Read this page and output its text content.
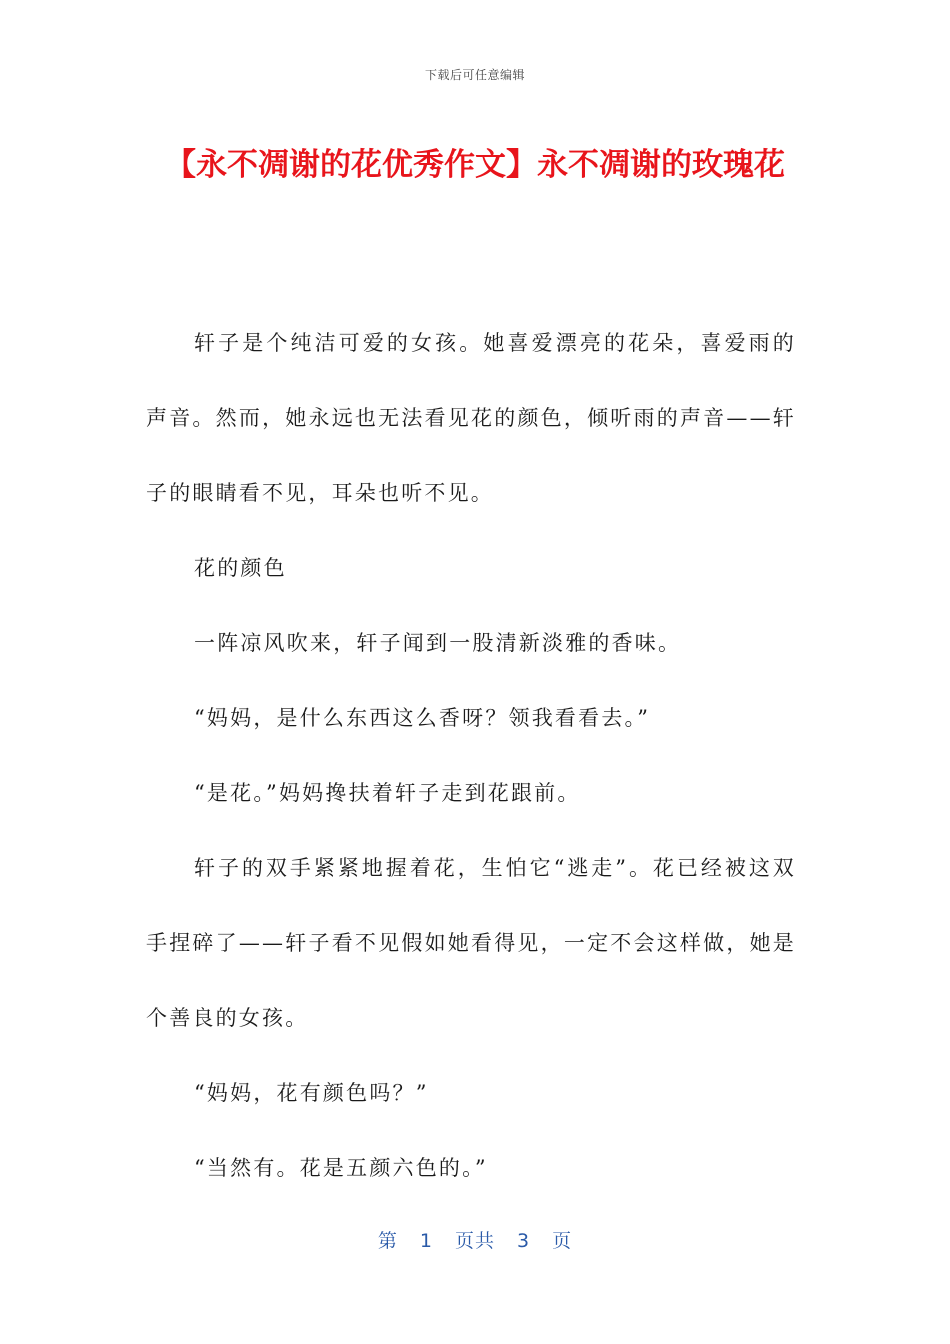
下载后可任意编辑
【永不凋谢的花优秀作文】永不凋谢的玫瑰花

轩子是个纯洁可爱的女孩。她喜爱漂亮的花朵，喜爱雨的声音。然而，她永远也无法看见花的颜色，倾听雨的声音——轩子的眼睛看不见，耳朵也听不见。

花的颜色

一阵凉风吹来，轩子闻到一股清新淡雅的香味。

“妈妈，是什么东西这么香呀？领我看看去。”

“是花。”妈妈搀扶着轩子走到花跟前。

轩子的双手紧紧地握着花，生怕它“逃走”。花已经被这双手捏碎了——轩子看不见假如她看得见，一定不会这样做，她是个善良的女孩。

“妈妈，花有颜色吗？”

“当然有。花是五颜六色的。”

第 1 页共 3 页
